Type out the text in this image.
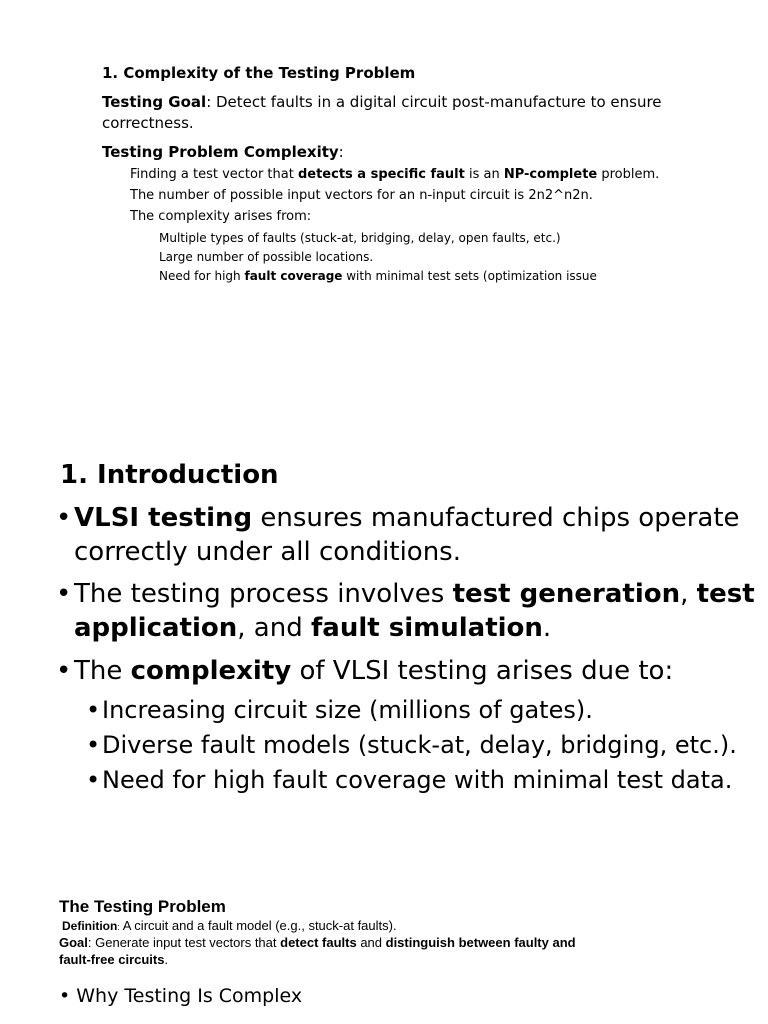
1. Complexity of the Testing Problem
Testing Goal: Detect faults in a digital circuit post-manufacture to ensure
correctness.
Testing Problem Complexity:
Finding a test vector that detects a specific fault is an NP-complete problem.
The number of possible input vectors for an n-input circuit is 2n2^n2n.
The complexity arises from:
Multiple types of faults (stuck-at, bridging, delay, open faults, etc.)
Large number of possible locations.
Need for high fault coverage with minimal test sets (optimization issue
1. Introduction
• VLSI testing ensures manufactured chips operate
correctly under all conditions.
• The testing process involves test generation, test
application, and fault simulation.
• The complexity of VLSI testing arises due to:
• Increasing circuit size (millions of gates).
• Diverse fault models (stuck-at, delay, bridging, etc.).
• Need for high fault coverage with minimal test data.
The Testing Problem
Definition: A circuit and a fault model (e.g., stuck-at faults).
Goal: Generate input test vectors that detect faults and distinguish between faulty and
fault-free circuits.
• Why Testing Is Complex
